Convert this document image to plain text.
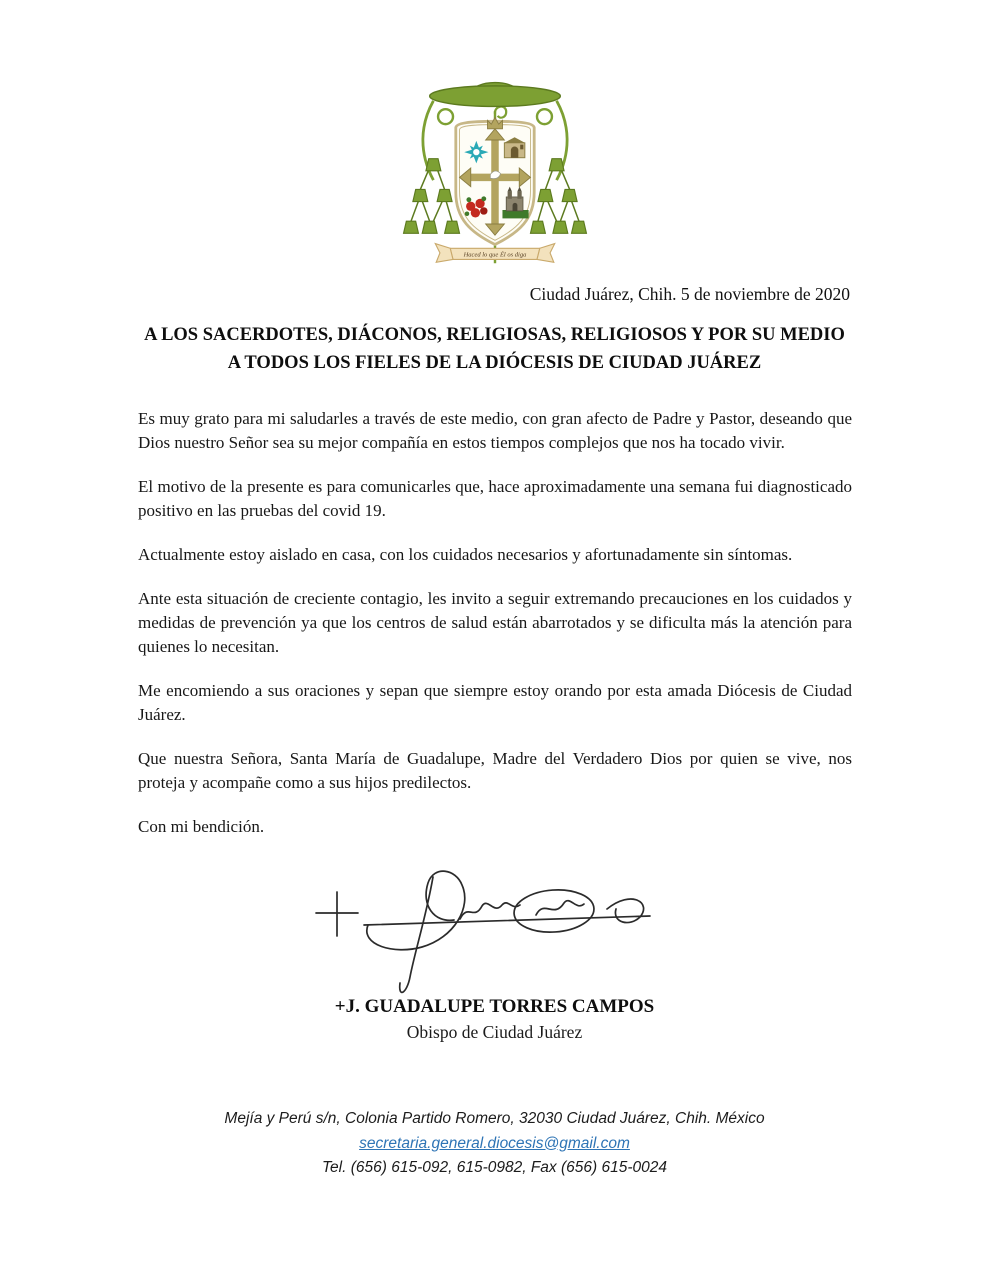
Haced lo que Él os diga
Ciudad Juárez, Chih. 5 de noviembre de 2020
A LOS SACERDOTES, DIÁCONOS, RELIGIOSAS, RELIGIOSOS Y POR SU MEDIO A TODOS LOS FIELES DE LA DIÓCESIS DE CIUDAD JUÁREZ

Es muy grato para mi saludarles a través de este medio, con gran afecto de Padre y Pastor, deseando que Dios nuestro Señor sea su mejor compañía en estos tiempos complejos que nos ha tocado vivir.

El motivo de la presente es para comunicarles que, hace aproximadamente una semana fui diagnosticado positivo en las pruebas del covid 19.

Actualmente estoy aislado en casa, con los cuidados necesarios y afortunadamente sin síntomas.

Ante esta situación de creciente contagio, les invito a seguir extremando precauciones en los cuidados y medidas de prevención ya que los centros de salud están abarrotados y se dificulta más la atención para quienes lo necesitan.

Me encomiendo a sus oraciones y sepan que siempre estoy orando por esta amada Diócesis de Ciudad Juárez.

Que nuestra Señora, Santa María de Guadalupe, Madre del Verdadero Dios por quien se vive, nos proteja y acompañe como a sus hijos predilectos.

Con mi bendición.

+J. GUADALUPE TORRES CAMPOS
Obispo de Ciudad Juárez
Mejía y Perú s/n, Colonia Partido Romero, 32030 Ciudad Juárez, Chih. México
secretaria.general.diocesis@gmail.com
Tel. (656) 615-092, 615-0982, Fax (656) 615-0024
